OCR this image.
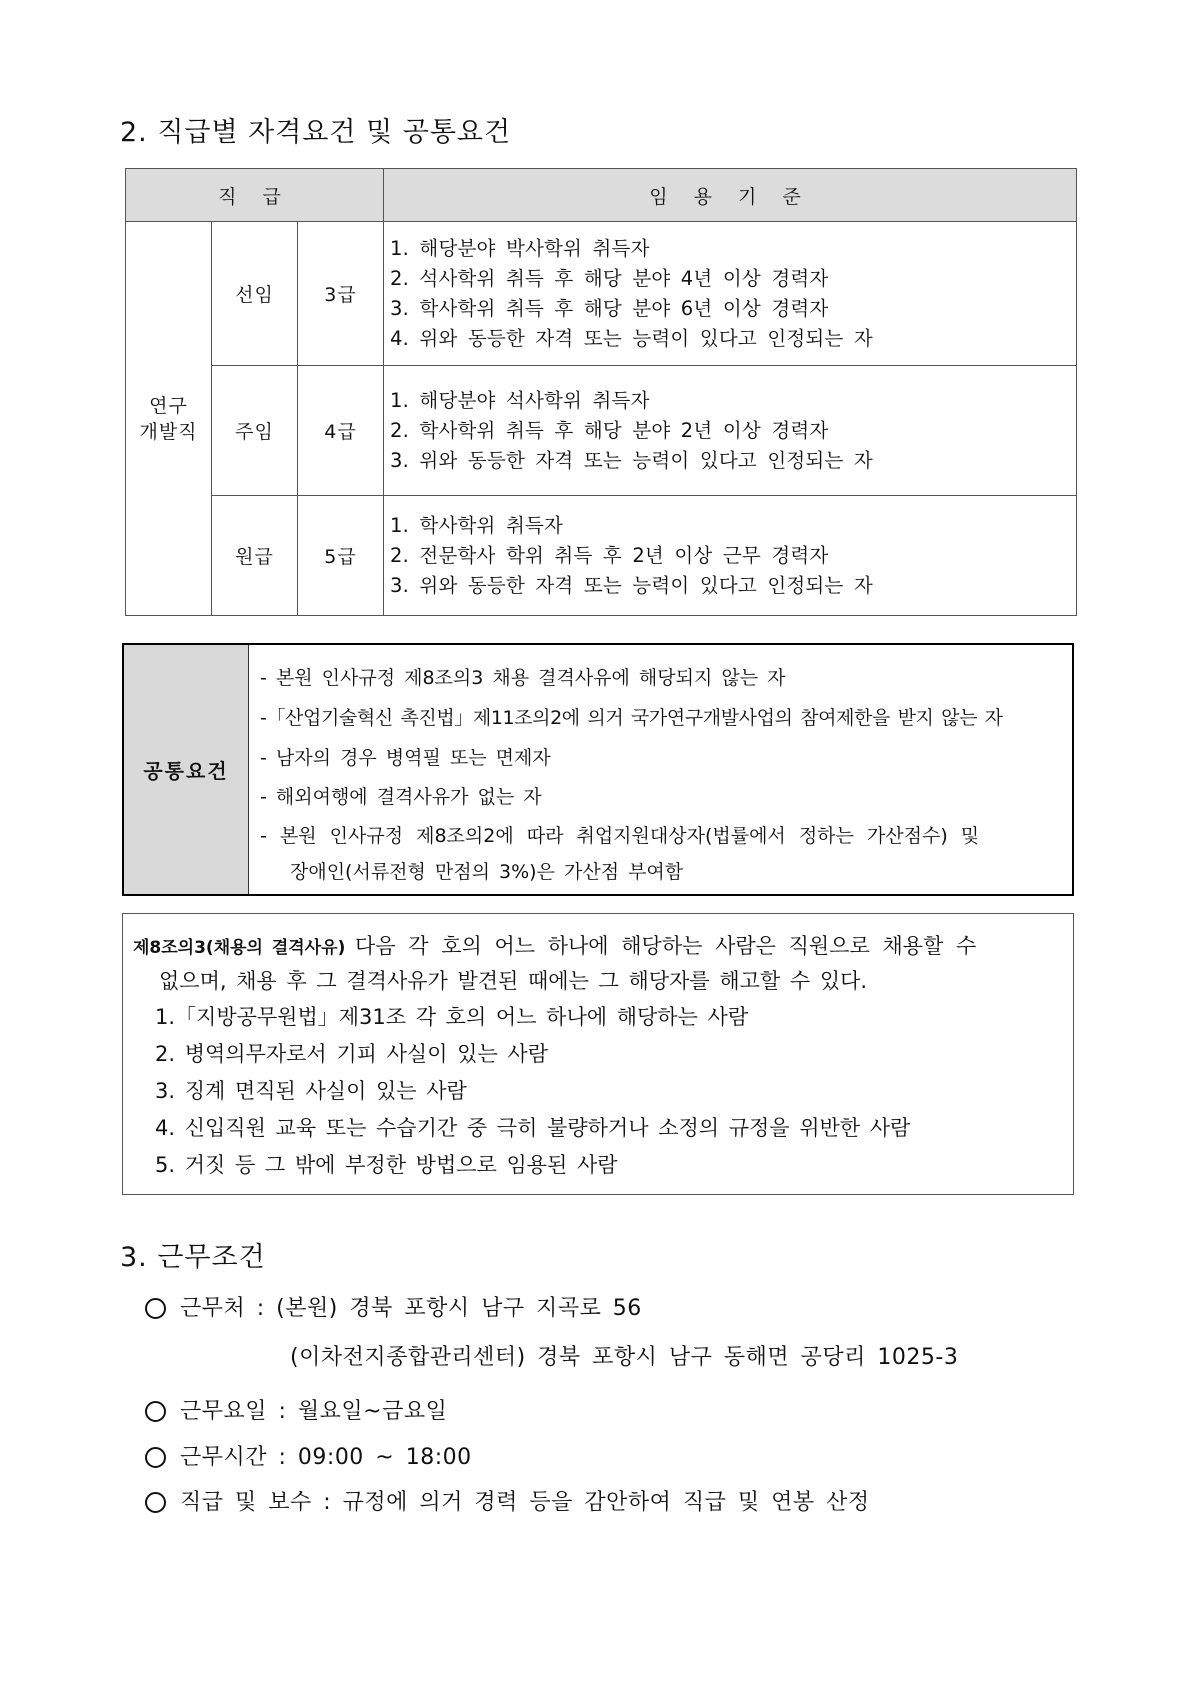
2. 직급별 자격요건 및 공통요건
직 급			임 용 기 준
연구
개발직	선임	3급	1. 해당분야 박사학위 취득자
2. 석사학위 취득 후 해당 분야 4년 이상 경력자
3. 학사학위 취득 후 해당 분야 6년 이상 경력자
4. 위와 동등한 자격 또는 능력이 있다고 인정되는 자

	주임	4급	1. 해당분야 석사학위 취득자
2. 학사학위 취득 후 해당 분야 2년 이상 경력자
3. 위와 동등한 자격 또는 능력이 있다고 인정되는 자

	원급	5급	1. 학사학위 취득자
2. 전문학사 학위 취득 후 2년 이상 근무 경력자
3. 위와 동등한 자격 또는 능력이 있다고 인정되는 자
공통요건
- 본원 인사규정 제8조의3 채용 결격사유에 해당되지 않는 자
-「산업기술혁신 촉진법」제11조의2에 의거 국가연구개발사업의 참여제한을 받지 않는 자
- 남자의 경우 병역필 또는 면제자
- 해외여행에 결격사유가 없는 자
- 본원 인사규정 제8조의2에 따라 취업지원대상자(법률에서 정하는 가산점수) 및
장애인(서류전형 만점의 3%)은 가산점 부여함
제8조의3(채용의 결격사유) 다음 각 호의 어느 하나에 해당하는 사람은 직원으로 채용할 수
없으며, 채용 후 그 결격사유가 발견된 때에는 그 해당자를 해고할 수 있다.
1.「지방공무원법」제31조 각 호의 어느 하나에 해당하는 사람
2. 병역의무자로서 기피 사실이 있는 사람
3. 징계 면직된 사실이 있는 사람
4. 신입직원 교육 또는 수습기간 중 극히 불량하거나 소정의 규정을 위반한 사람
5. 거짓 등 그 밖에 부정한 방법으로 임용된 사람
3. 근무조건
근무처 : (본원) 경북 포항시 남구 지곡로 56
(이차전지종합관리센터) 경북 포항시 남구 동해면 공당리 1025-3
근무요일 : 월요일~금요일
근무시간 : 09:00 ~ 18:00
직급 및 보수 : 규정에 의거 경력 등을 감안하여 직급 및 연봉 산정
